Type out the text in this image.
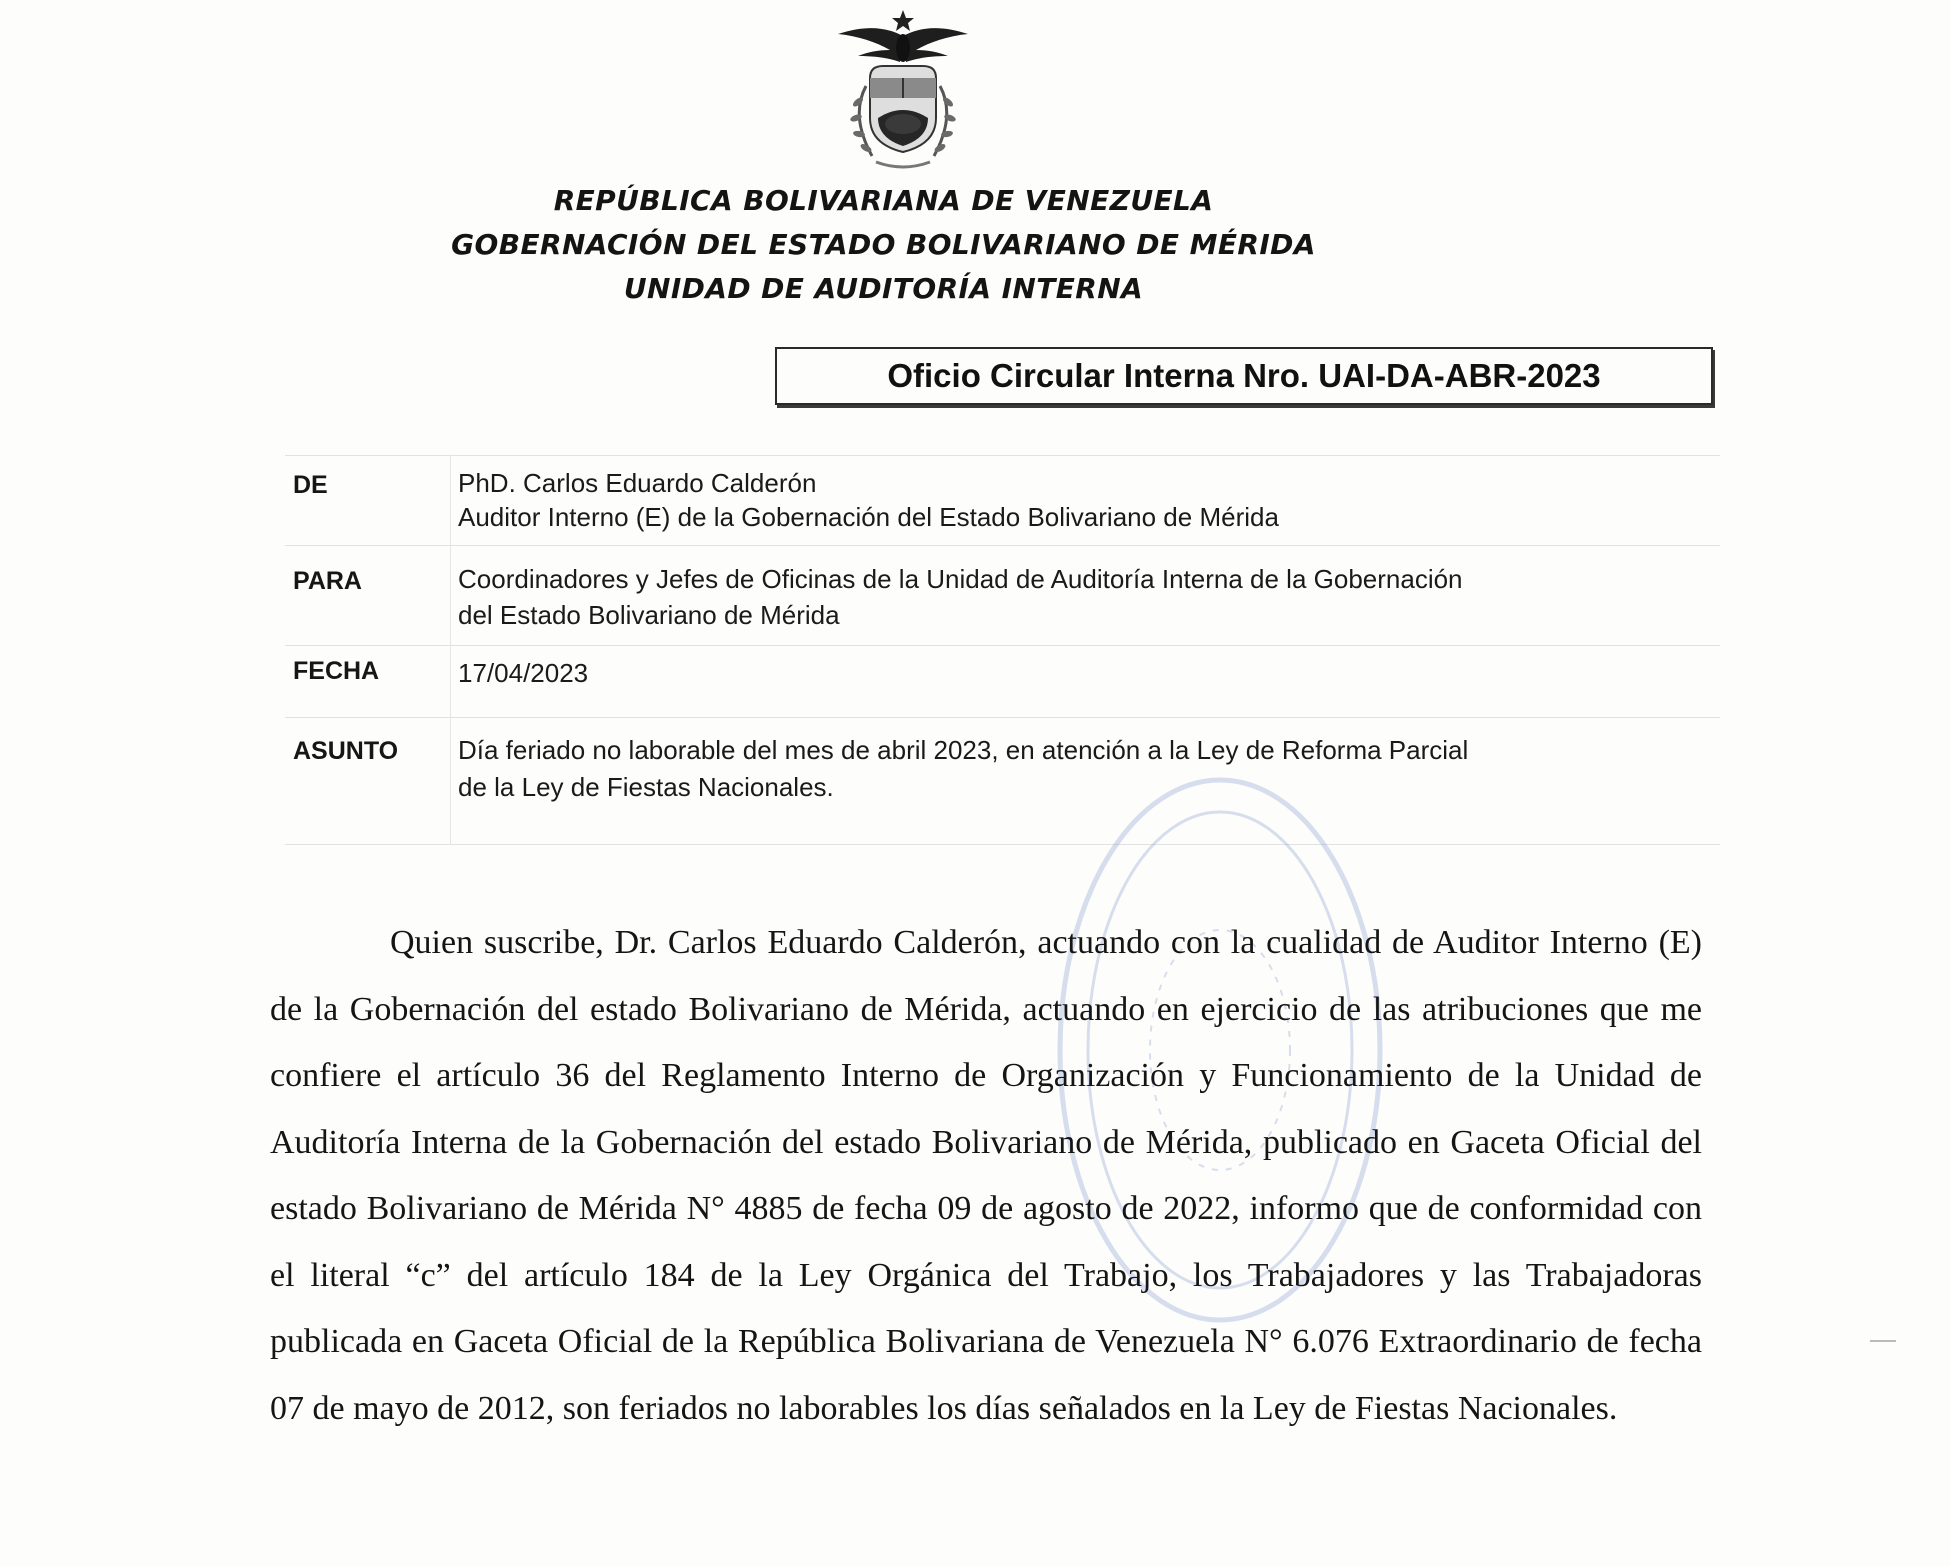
REPÚBLICA BOLIVARIANA DE VENEZUELA
GOBERNACIÓN DEL ESTADO BOLIVARIANO DE MÉRIDA
UNIDAD DE AUDITORÍA INTERNA
Oficio Circular Interna Nro. UAI-DA-ABR-2023
DE	PhD. Carlos Eduardo Calderón
Auditor Interno (E) de la Gobernación del Estado Bolivariano de Mérida
PARA	Coordinadores y Jefes de Oficinas de la Unidad de Auditoría Interna de la Gobernación
del Estado Bolivariano de Mérida
FECHA	17/04/2023
ASUNTO Día feriado no laborable del mes de abril 2023, en atención a la Ley de Reforma Parcial
de la Ley de Fiestas Nacionales.
Quien suscribe, Dr. Carlos Eduardo Calderón, actuando con la cualidad de Auditor Interno (E) de la Gobernación del estado Bolivariano de Mérida, actuando en ejercicio de las atribuciones que me confiere el artículo 36 del Reglamento Interno de Organización y Funcionamiento de la Unidad de Auditoría Interna de la Gobernación del estado Bolivariano de Mérida, publicado en Gaceta Oficial del estado Bolivariano de Mérida N° 4885 de fecha 09 de agosto de 2022, informo que de conformidad con el literal “c” del artículo 184 de la Ley Orgánica del Trabajo, los Trabajadores y las Trabajadoras publicada en Gaceta Oficial de la República Bolivariana de Venezuela N° 6.076 Extraordinario de fecha 07 de mayo de 2012, son feriados no laborables los días señalados en la Ley de Fiestas Nacionales.
